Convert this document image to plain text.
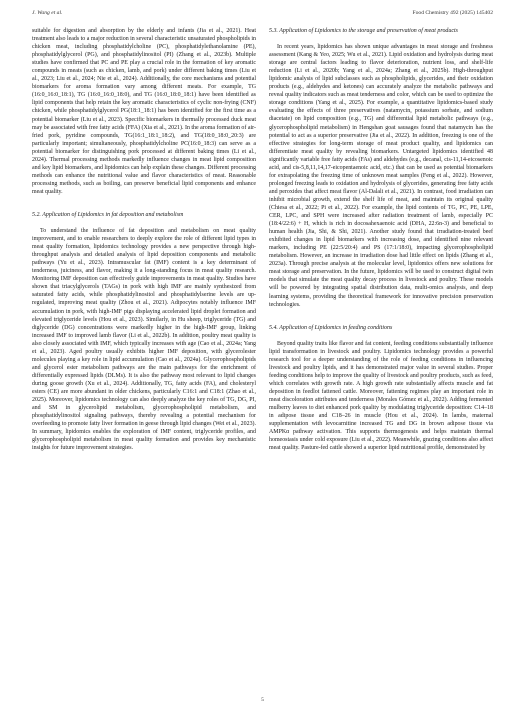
J. Wang et al.	Food Chemistry 492 (2025) 145402

suitable for digestion and absorption by the elderly and infants (Jia et al., 2021). Heat treatment also leads to a major reduction in several characteristic unsaturated phospholipids in chicken meat, including phosphatidylcholine (PC), phosphatidylethanolamine (PE), phosphatidylglycerol (PG), and phosphatidylinositol (PI) (Zhang et al., 2023b). Multiple studies have confirmed that PC and PE play a crucial role in the formation of key aromatic compounds in meats (such as chicken, lamb, and pork) under different baking times (Liu et al., 2023; Liu et al., 2024; Nie et al., 2024). Additionally, the core mechanisms and potential biomarkers for aroma formation vary among different meats. For example, TG (16:0_16:0_18:1), TG (16:0_16:0_18:0), and TG (16:0_18:0_18:1) have been identified as lipid components that help retain the key aromatic characteristics of cyclic non-frying (CNF) chicken, while phosphatidylglycerol PG(18:1_18:1) has been identified for the first time as a potential biomarker (Liu et al., 2023). Specific biomarkers in thermally processed duck meat may be associated with free fatty acids (FFA) (Xia et al., 2021). In the aroma formation of air-fried pork, pyridine compounds, TG(16:1_18:1_18:2), and TG(18:0_18:0_20:3) are particularly important; simultaneously, phosphatidylcholine PC(16:0_18:3) can serve as a potential biomarker for distinguishing pork processed at different baking times (Li et al., 2024). Thermal processing methods markedly influence changes in meat lipid composition and key lipid biomarkers, and lipidomics can help explain these changes. Different processing methods can enhance the nutritional value and flavor characteristics of meat. Reasonable processing methods, such as boiling, can preserve beneficial lipid components and enhance meat quality.

5.2. Application of Lipidomics in fat deposition and metabolism

To understand the influence of fat deposition and metabolism on meat quality improvement, and to enable researchers to deeply explore the role of different lipid types in meat quality formation, lipidomics technology provides a new perspective through high-throughput analysis and detailed analysis of lipid deposition components and metabolic pathways (Yu et al., 2023). Intramuscular fat (IMF) content is a key determinant of tenderness, juiciness, and flavor, making it a long-standing focus in meat quality research. Monitoring IMF deposition can effectively guide improvements in meat quality. Studies have shown that triacylglycerols (TAGs) in pork with high IMF are mainly synthesized from saturated fatty acids, while phosphatidylinositol and phosphatidylserine levels are up-regulated, improving meat quality (Zhou et al., 2021). Adipocytes notably influence IMF accumulation in pork, with high-IMF pigs displaying accelerated lipid droplet formation and elevated triglyceride levels (Hou et al., 2023). Similarly, in Hu sheep, triglyceride (TG) and diglyceride (DG) concentrations were markedly higher in the high-IMF group, linking increased IMF to improved lamb flavor (Li et al., 2022b). In addition, poultry meat quality is also closely associated with IMF, which typically increases with age (Cao et al., 2024a; Yang et al., 2023). Aged poultry usually exhibits higher IMF deposition, with glycerolester molecules playing a key role in lipid accumulation (Cao et al., 2024a). Glycerophospholipids and glycerol ester metabolism pathways are the main pathways for the enrichment of differentially expressed lipids (DLMs). It is also the pathway most relevant to lipid changes during goose growth (Xu et al., 2024). Additionally, TG, fatty acids (FA), and cholesteryl esters (CE) are more abundant in older chickens, particularly C16:1 and C18:1 (Zhao et al., 2025). Moreover, lipidomics technology can also deeply analyze the key roles of TG, DG, PI, and SM in glycerolipid metabolism, glycerophospholipid metabolism, and phosphatidylinositol signaling pathways, thereby revealing a potential mechanism for overfeeding to promote fatty liver formation in geese through lipid changes (Wei et al., 2023). In summary, lipidomics enables the exploration of IMF content, triglyceride profiles, and glycerophospholipid metabolism in meat quality formation and provides key mechanistic insights for future improvement strategies.

5.3. Application of Lipidomics to the storage and preservation of meat products

In recent years, lipidomics has shown unique advantages in meat storage and freshness assessment (Kang & Yeo, 2025; Wu et al., 2021). Lipid oxidation and hydrolysis during meat storage are central factors leading to flavor deterioration, nutrient loss, and shelf-life reduction (Li et al., 2020b; Yang et al., 2024a; Zhang et al., 2025b). High-throughput lipidomic analysis of lipid subclasses such as phospholipids, glycerides, and their oxidation products (e.g., aldehydes and ketones) can accurately analyze the metabolic pathways and reveal quality indicators such as meat tenderness and color, which can be used to optimize the storage conditions (Yang et al., 2025). For example, a quantitative lipidomics-based study evaluating the effects of three preservatives (natamycin, potassium sorbate, and sodium diacetate) on lipid composition (e.g., TG) and differential lipid metabolic pathways (e.g., glycerophospholipid metabolism) in Hengshan goat sausages found that natamycin has the potential to act as a superior preservative (Jia et al., 2022). In addition, freezing is one of the effective strategies for long-term storage of meat product quality, and lipidomics can differentiate meat quality by revealing biomarkers. Untargeted lipidomics identified 48 significantly variable free fatty acids (FAs) and aldehydes (e.g., decanal, cis-11,14-eicosenoic acid, and cis-5,8,11,14,17-eicopentaenoic acid, etc.) that can be used as potential biomarkers for extrapolating the freezing time of unknown meat samples (Feng et al., 2022). However, prolonged freezing leads to oxidation and hydrolysis of glycerides, generating free fatty acids and peroxides that affect meat flavor (Al-Dalali et al., 2021). In contrast, food irradiation can inhibit microbial growth, extend the shelf life of meat, and maintain its original quality (Chiesa et al., 2022; Pi et al., 2022). For example, the lipid contents of TG, PC, PE, LPE, CER, LPC, and SPH were increased after radiation treatment of lamb, especially PC (18:4/22:6) + H, which is rich in docosahexaenoic acid (DHA, 22:6n-3) and beneficial to human health (Jia, Shi, & Shi, 2021). Another study found that irradiation-treated beef exhibited changes in lipid biomarkers with increasing dose, and identified nine relevant markers, including PE (22:5/20:4) and PS (17:1/18:0), impacting glycerophospholipid metabolism. However, an increase in irradiation dose had little effect on lipids (Zhang et al., 2023a). Through precise analysis at the molecular level, lipidomics offers new solutions for meat storage and preservation. In the future, lipidomics will be used to construct digital twin models that simulate the meat quality decay process in livestock and poultry. These models will be powered by integrating spatial distribution data, multi-omics analysis, and deep learning systems, providing the theoretical framework for innovative precision preservation technologies.

5.4. Application of Lipidomics in feeding conditions

Beyond quality traits like flavor and fat content, feeding conditions substantially influence lipid transformation in livestock and poultry. Lipidomics technology provides a powerful research tool for a deeper understanding of the role of feeding conditions in influencing livestock and poultry lipids, and it has demonstrated major value in several studies. Proper feeding conditions help to improve the quality of livestock and poultry products, such as feed, which correlates with growth rate. A high growth rate substantially affects muscle and fat deposition in feedlot fattened cattle. Moreover, fattening regimes play an important role in meat discoloration attributes and tenderness (Morales Gómez et al., 2022). Adding fermented mulberry leaves to diet enhanced pork quality by modulating triglyceride deposition: C14–18 in adipose tissue and C18–26 in muscle (Hou et al., 2024). In lambs, maternal supplementation with levocarnitine increased TG and DG in brown adipose tissue via AMPKα pathway activation. This supports thermogenesis and helps maintain thermal homeostasis under cold exposure (Liu et al., 2022). Meanwhile, grazing conditions also affect meat quality. Pasture-fed cattle showed a superior lipid nutritional profile, demonstrated by

5
